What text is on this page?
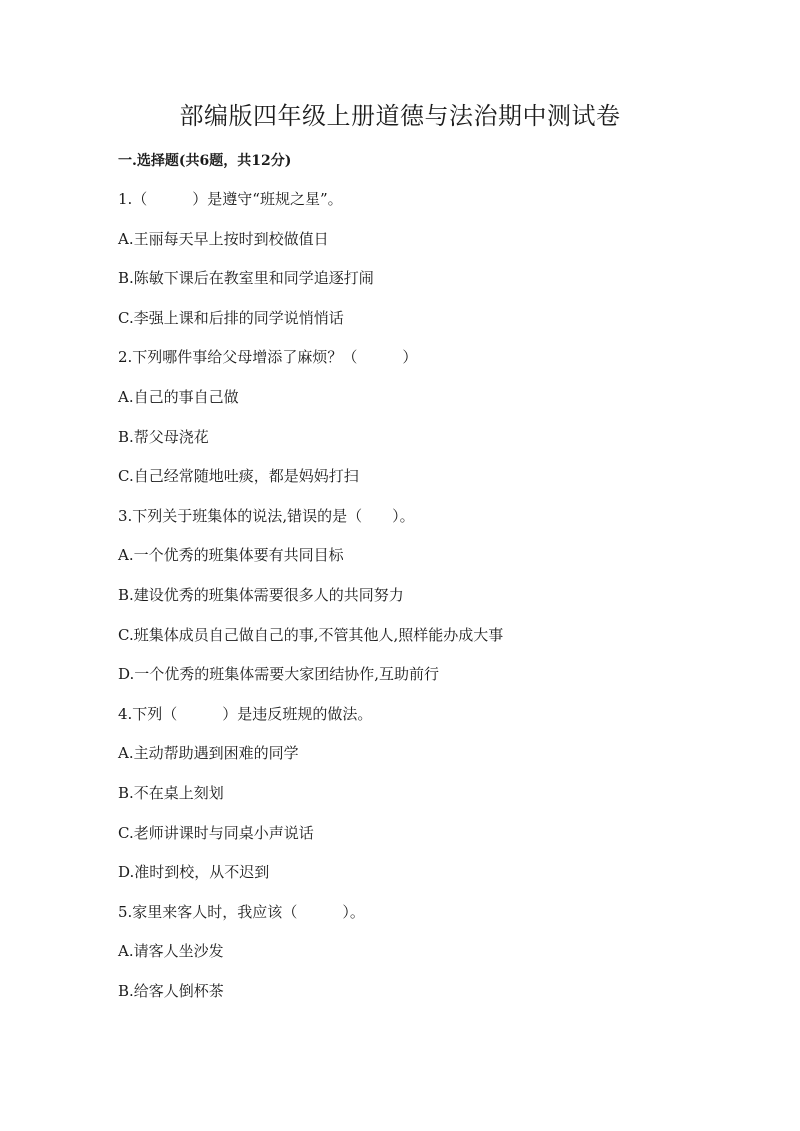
部编版四年级上册道德与法治期中测试卷
一.选择题(共6题，共12分)
1.（　　　）是遵守“班规之星”。
A.王丽每天早上按时到校做值日
B.陈敏下课后在教室里和同学追逐打闹
C.李强上课和后排的同学说悄悄话
2.下列哪件事给父母增添了麻烦？（　　　）
A.自己的事自己做
B.帮父母浇花
C.自己经常随地吐痰，都是妈妈打扫
3.下列关于班集体的说法,错误的是（　　）。
A.一个优秀的班集体要有共同目标
B.建设优秀的班集体需要很多人的共同努力
C.班集体成员自己做自己的事,不管其他人,照样能办成大事
D.一个优秀的班集体需要大家团结协作,互助前行
4.下列（　　　）是违反班规的做法。
A.主动帮助遇到困难的同学
B.不在桌上刻划
C.老师讲课时与同桌小声说话
D.准时到校，从不迟到
5.家里来客人时，我应该（　　　）。
A.请客人坐沙发
B.给客人倒杯茶
